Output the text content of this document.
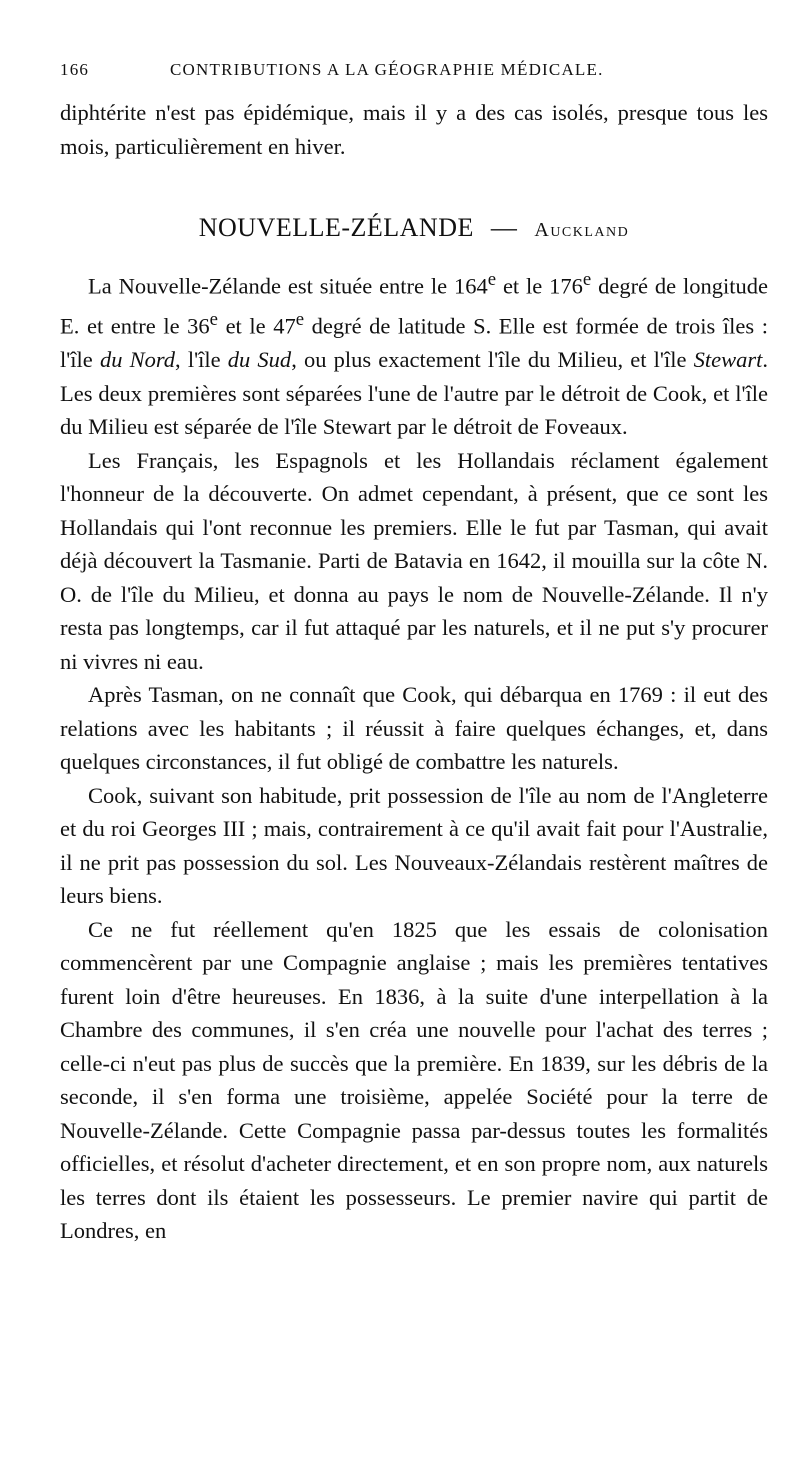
166	CONTRIBUTIONS A LA GÉOGRAPHIE MÉDICALE.

diphtérite n'est pas épidémique, mais il y a des cas isolés, presque tous les mois, particulièrement en hiver.

NOUVELLE-ZÉLANDE — Auckland

La Nouvelle-Zélande est située entre le 164e et le 176e degré de longitude E. et entre le 36e et le 47e degré de latitude S. Elle est formée de trois îles : l'île du Nord, l'île du Sud, ou plus exactement l'île du Milieu, et l'île Stewart. Les deux premières sont séparées l'une de l'autre par le détroit de Cook, et l'île du Milieu est séparée de l'île Stewart par le détroit de Foveaux.

Les Français, les Espagnols et les Hollandais réclament également l'honneur de la découverte. On admet cependant, à présent, que ce sont les Hollandais qui l'ont reconnue les premiers. Elle le fut par Tasman, qui avait déjà découvert la Tasmanie. Parti de Batavia en 1642, il mouilla sur la côte N. O. de l'île du Milieu, et donna au pays le nom de Nouvelle-Zélande. Il n'y resta pas longtemps, car il fut attaqué par les naturels, et il ne put s'y procurer ni vivres ni eau.

Après Tasman, on ne connaît que Cook, qui débarqua en 1769 : il eut des relations avec les habitants ; il réussit à faire quelques échanges, et, dans quelques circonstances, il fut obligé de combattre les naturels.

Cook, suivant son habitude, prit possession de l'île au nom de l'Angleterre et du roi Georges III ; mais, contrairement à ce qu'il avait fait pour l'Australie, il ne prit pas possession du sol. Les Nouveaux-Zélandais restèrent maîtres de leurs biens.

Ce ne fut réellement qu'en 1825 que les essais de colonisation commencèrent par une Compagnie anglaise ; mais les premières tentatives furent loin d'être heureuses. En 1836, à la suite d'une interpellation à la Chambre des communes, il s'en créa une nouvelle pour l'achat des terres ; celle-ci n'eut pas plus de succès que la première. En 1839, sur les débris de la seconde, il s'en forma une troisième, appelée Société pour la terre de Nouvelle-Zélande. Cette Compagnie passa par-dessus toutes les formalités officielles, et résolut d'acheter directement, et en son propre nom, aux naturels les terres dont ils étaient les possesseurs. Le premier navire qui partit de Londres, en
